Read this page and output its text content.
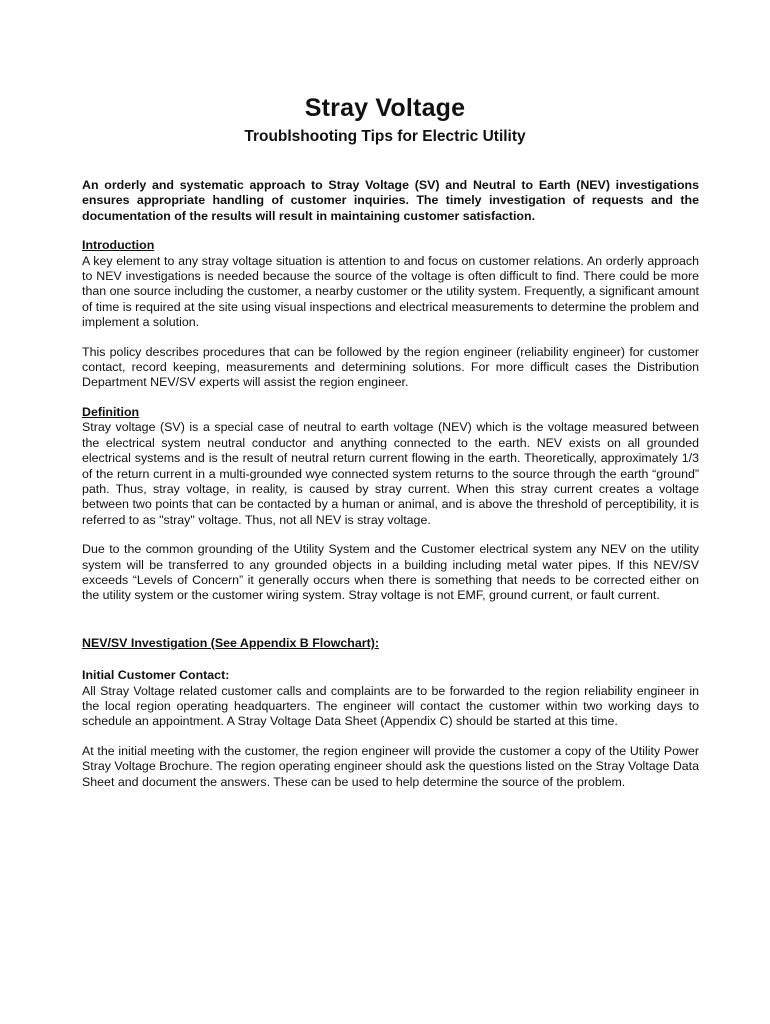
Stray Voltage
Troublshooting Tips for Electric Utility

An orderly and systematic approach to Stray Voltage (SV) and Neutral to Earth (NEV) investigations ensures appropriate handling of customer inquiries. The timely investigation of requests and the documentation of the results will result in maintaining customer satisfaction.

Introduction
A key element to any stray voltage situation is attention to and focus on customer relations. An orderly approach to NEV investigations is needed because the source of the voltage is often difficult to find. There could be more than one source including the customer, a nearby customer or the utility system. Frequently, a significant amount of time is required at the site using visual inspections and electrical measurements to determine the problem and implement a solution.

This policy describes procedures that can be followed by the region engineer (reliability engineer) for customer contact, record keeping, measurements and determining solutions. For more difficult cases the Distribution Department NEV/SV experts will assist the region engineer.

Definition
Stray voltage (SV) is a special case of neutral to earth voltage (NEV) which is the voltage measured between the electrical system neutral conductor and anything connected to the earth. NEV exists on all grounded electrical systems and is the result of neutral return current flowing in the earth. Theoretically, approximately 1/3 of the return current in a multi-grounded wye connected system returns to the source through the earth “ground” path. Thus, stray voltage, in reality, is caused by stray current. When this stray current creates a voltage between two points that can be contacted by a human or animal, and is above the threshold of perceptibility, it is referred to as "stray" voltage. Thus, not all NEV is stray voltage.

Due to the common grounding of the Utility System and the Customer electrical system any NEV on the utility system will be transferred to any grounded objects in a building including metal water pipes. If this NEV/SV exceeds “Levels of Concern” it generally occurs when there is something that needs to be corrected either on the utility system or the customer wiring system. Stray voltage is not EMF, ground current, or fault current.

NEV/SV Investigation (See Appendix B Flowchart):

Initial Customer Contact:
All Stray Voltage related customer calls and complaints are to be forwarded to the region reliability engineer in the local region operating headquarters. The engineer will contact the customer within two working days to schedule an appointment. A Stray Voltage Data Sheet (Appendix C) should be started at this time.

At the initial meeting with the customer, the region engineer will provide the customer a copy of the Utility Power Stray Voltage Brochure. The region operating engineer should ask the questions listed on the Stray Voltage Data Sheet and document the answers. These can be used to help determine the source of the problem.
